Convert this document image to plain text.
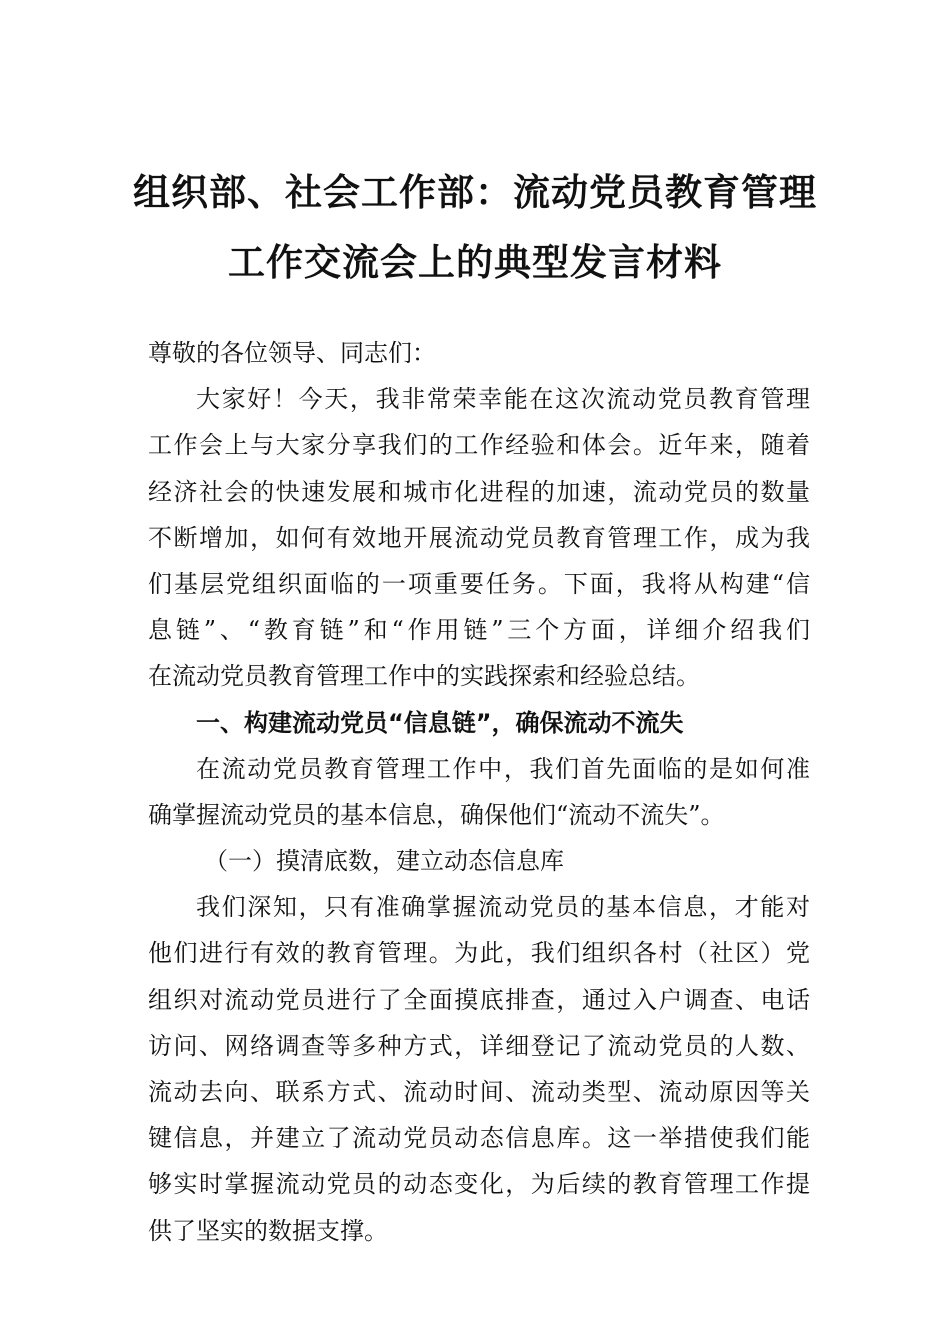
组织部、社会工作部：流动党员教育管理
工作交流会上的典型发言材料
尊敬的各位领导、同志们：
大家好！今天，我非常荣幸能在这次流动党员教育管理
工作会上与大家分享我们的工作经验和体会。近年来，随着
经济社会的快速发展和城市化进程的加速，流动党员的数量
不断增加，如何有效地开展流动党员教育管理工作，成为我
们基层党组织面临的一项重要任务。下面，我将从构建“信
息链”、“教育链”和“作用链”三个方面，详细介绍我们
在流动党员教育管理工作中的实践探索和经验总结。
一、构建流动党员“信息链”，确保流动不流失
在流动党员教育管理工作中，我们首先面临的是如何准
确掌握流动党员的基本信息，确保他们“流动不流失”。
（一）摸清底数，建立动态信息库
我们深知，只有准确掌握流动党员的基本信息，才能对
他们进行有效的教育管理。为此，我们组织各村（社区）党
组织对流动党员进行了全面摸底排查，通过入户调查、电话
访问、网络调查等多种方式，详细登记了流动党员的人数、
流动去向、联系方式、流动时间、流动类型、流动原因等关
键信息，并建立了流动党员动态信息库。这一举措使我们能
够实时掌握流动党员的动态变化，为后续的教育管理工作提
供了坚实的数据支撑。
